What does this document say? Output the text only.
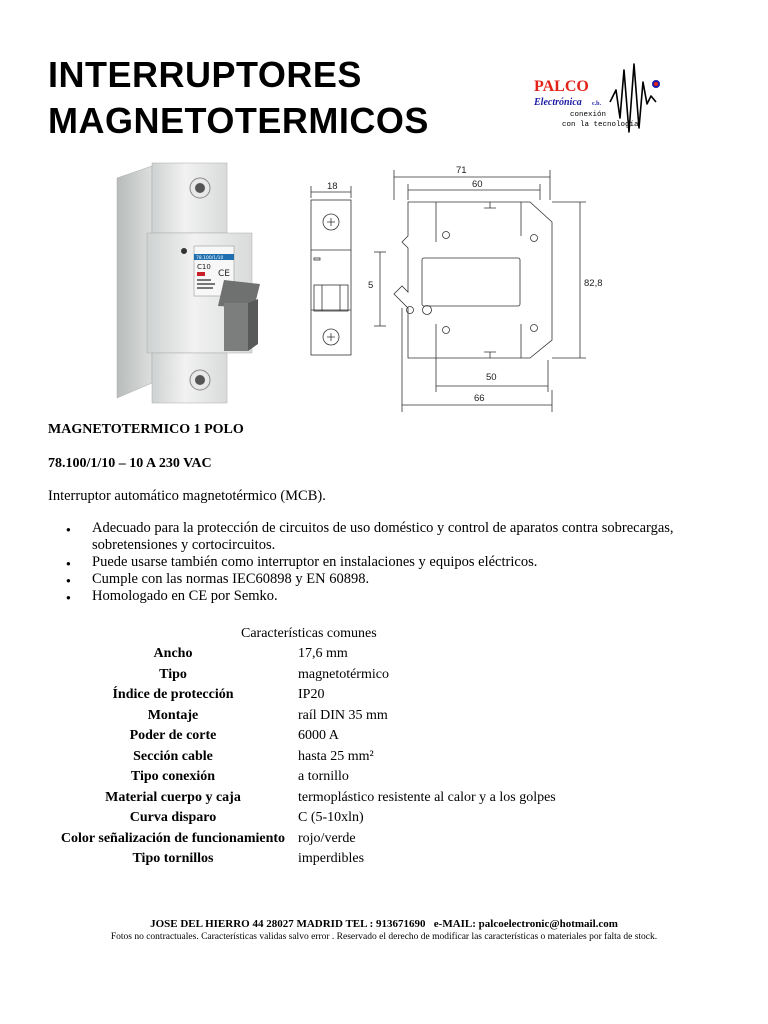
INTERRUPTORES
MAGNETOTERMICOS
PALCO
Electrónica c.b.
conexión
con la tecnología
78.100/1/10
C10
CE
18
5
71
60
82,8
50
66

MAGNETOTERMICO 1 POLO

78.100/1/10 – 10 A 230 VAC

Interruptor automático magnetotérmico (MCB).

● Adecuado para la protección de circuitos de uso doméstico y control de aparatos contra sobrecargas, sobretensiones y cortocircuitos.
● Puede usarse también como interruptor en instalaciones y equipos eléctricos.
● Cumple con las normas IEC60898 y EN 60898.
● Homologado en CE por Semko.

Características comunes

Ancho	17,6 mm
Tipo	magnetotérmico
Índice de protección	IP20
Montaje	raíl DIN 35 mm
Poder de corte	6000 A
Sección cable	hasta 25 mm²
Tipo conexión	a tornillo
Material cuerpo y caja	termoplástico resistente al calor y a los golpes
Curva disparo	C (5-10xln)
Color señalización de funcionamiento	rojo/verde
Tipo tornillos	imperdibles

JOSE DEL HIERRO 44 28027 MADRID TEL : 913671690   e-MAIL: palcoelectronic@hotmail.com

Fotos no contractuales. Características validas salvo error . Reservado el derecho de modificar las características o materiales por falta de stock.
